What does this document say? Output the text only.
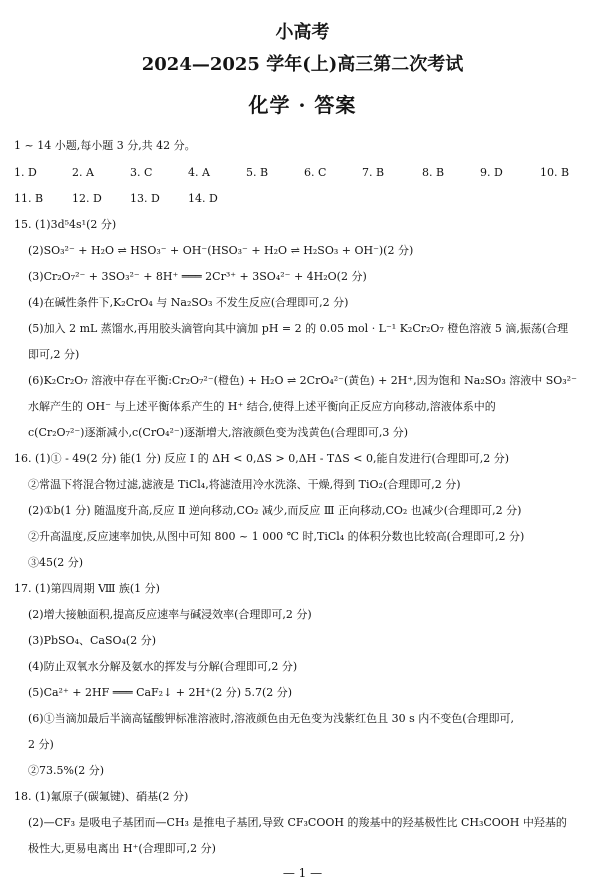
小高考
2024—2025 学年(上)高三第二次考试
化学 · 答案
1 ~ 14 小题,每小题 3 分,共 42 分。
1. D	2. A	3. C	4. A	5. B	6. C	7. B	8. B	9. D	10. B
11. B	12. D	13. D	14. D
15. (1)3d⁵4s¹(2 分)
(2)SO₃²⁻ + H₂O ⇌ HSO₃⁻ + OH⁻(HSO₃⁻ + H₂O ⇌ H₂SO₃ + OH⁻)(2 分)
(3)Cr₂O₇²⁻ + 3SO₃²⁻ + 8H⁺ ═══ 2Cr³⁺ + 3SO₄²⁻ + 4H₂O(2 分)
(4)在碱性条件下,K₂CrO₄ 与 Na₂SO₃ 不发生反应(合理即可,2 分)
(5)加入 2 mL 蒸馏水,再用胶头滴管向其中滴加 pH = 2 的 0.05 mol · L⁻¹ K₂Cr₂O₇ 橙色溶液 5 滴,振荡(合理
即可,2 分)
(6)K₂Cr₂O₇ 溶液中存在平衡:Cr₂O₇²⁻(橙色) + H₂O ⇌ 2CrO₄²⁻(黄色) + 2H⁺,因为饱和 Na₂SO₃ 溶液中 SO₃²⁻
水解产生的 OH⁻ 与上述平衡体系产生的 H⁺ 结合,使得上述平衡向正反应方向移动,溶液体系中的
c(Cr₂O₇²⁻)逐渐减小,c(CrO₄²⁻)逐渐增大,溶液颜色变为浅黄色(合理即可,3 分)
16. (1)① - 49(2 分) 能(1 分) 反应 Ⅰ 的 ΔH < 0,ΔS > 0,ΔH - TΔS < 0,能自发进行(合理即可,2 分)
②常温下将混合物过滤,滤液是 TiCl₄,将滤渣用冷水洗涤、干燥,得到 TiO₂(合理即可,2 分)
(2)①b(1 分) 随温度升高,反应 Ⅱ 逆向移动,CO₂ 减少,而反应 Ⅲ 正向移动,CO₂ 也减少(合理即可,2 分)
②升高温度,反应速率加快,从图中可知 800 ~ 1 000 ℃ 时,TiCl₄ 的体积分数也比较高(合理即可,2 分)
③45(2 分)
17. (1)第四周期 Ⅷ 族(1 分)
(2)增大接触面积,提高反应速率与碱浸效率(合理即可,2 分)
(3)PbSO₄、CaSO₄(2 分)
(4)防止双氧水分解及氨水的挥发与分解(合理即可,2 分)
(5)Ca²⁺ + 2HF ═══ CaF₂↓ + 2H⁺(2 分) 5.7(2 分)
(6)①当滴加最后半滴高锰酸钾标准溶液时,溶液颜色由无色变为浅紫红色且 30 s 内不变色(合理即可,
2 分)
②73.5%(2 分)
18. (1)氟原子(碳氟键)、硝基(2 分)
(2)—CF₃ 是吸电子基团而—CH₃ 是推电子基团,导致 CF₃COOH 的羧基中的羟基极性比 CH₃COOH 中羟基的
极性大,更易电离出 H⁺(合理即可,2 分)
— 1 —
